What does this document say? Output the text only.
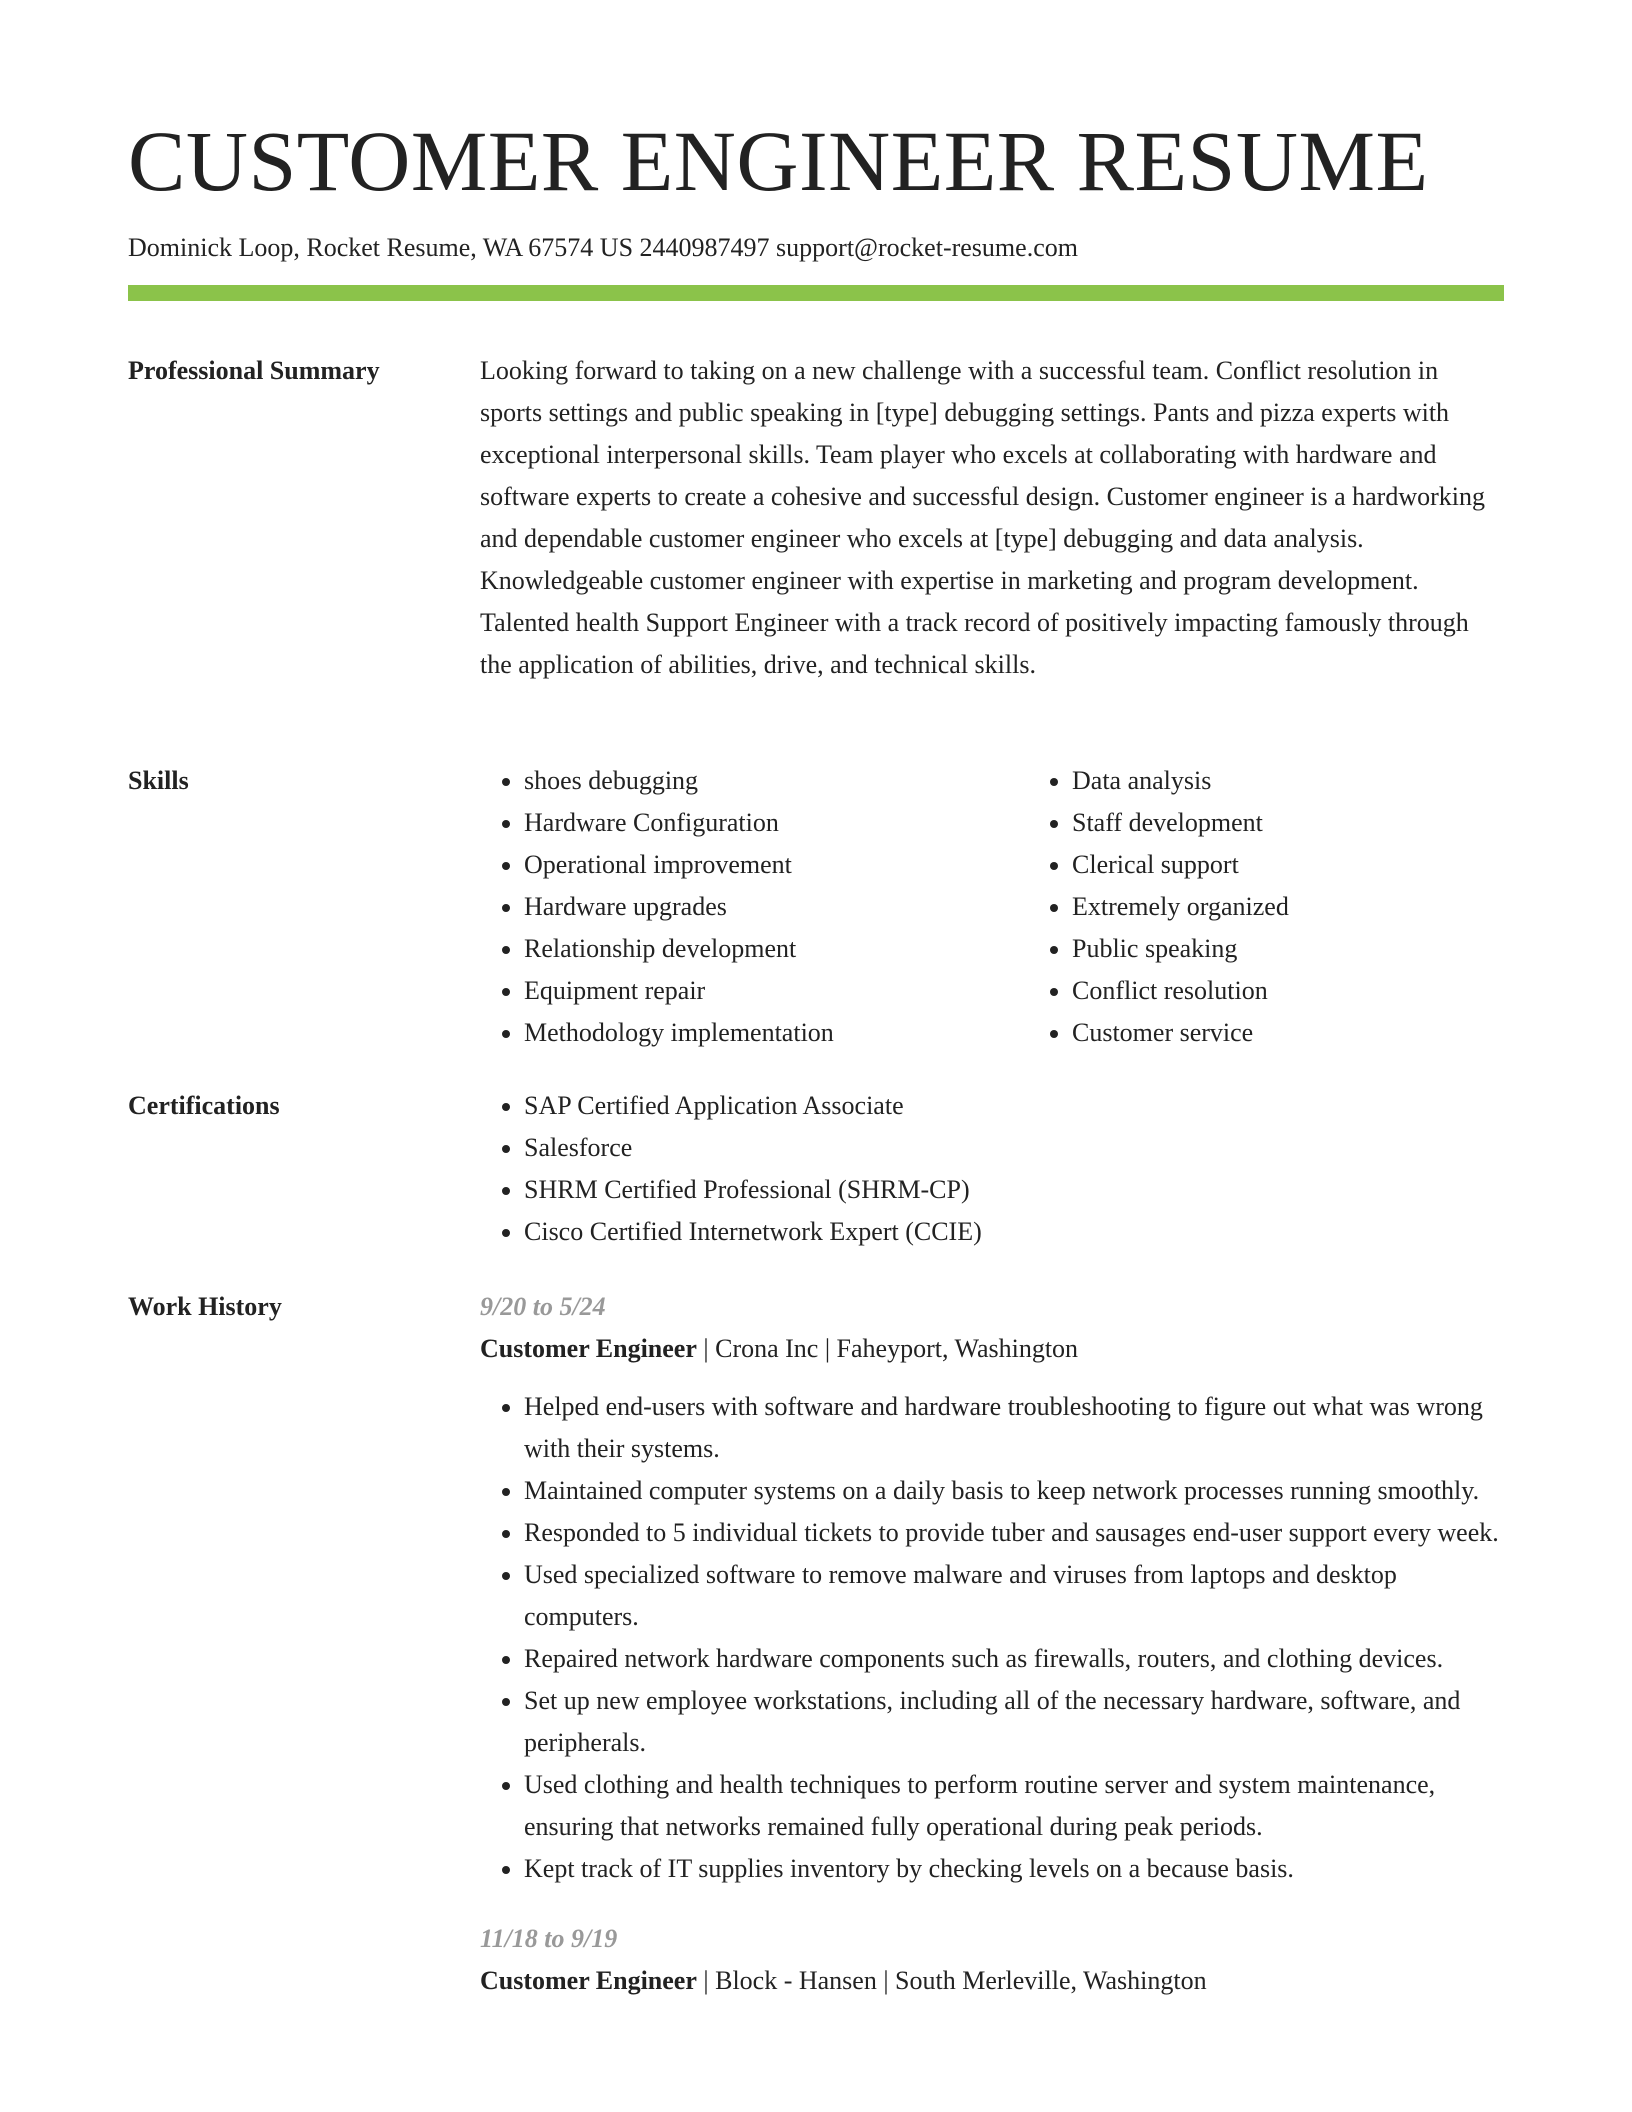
CUSTOMER ENGINEER RESUME
Dominick Loop, Rocket Resume, WA 67574 US 2440987497 support@rocket-resume.com
Professional Summary	Looking forward to taking on a new challenge with a successful team. Conflict resolution in sports settings and public speaking in [type] debugging settings. Pants and pizza experts with exceptional interpersonal skills. Team player who excels at collaborating with hardware and software experts to create a cohesive and successful design. Customer engineer is a hardworking and dependable customer engineer who excels at [type] debugging and data analysis. Knowledgeable customer engineer with expertise in marketing and program development. Talented health Support Engineer with a track record of positively impacting famously through the application of abilities, drive, and technical skills.

Skills	• shoes debugging
• Hardware Configuration
• Operational improvement
• Hardware upgrades
• Relationship development
• Equipment repair
• Methodology implementation
• Data analysis
• Staff development
• Clerical support
• Extremely organized
• Public speaking
• Conflict resolution
• Customer service
Certifications	• SAP Certified Application Associate
• Salesforce
• SHRM Certified Professional (SHRM-CP)
• Cisco Certified Internetwork Expert (CCIE)
Work History	9/20 to 5/24
Customer Engineer | Crona Inc | Faheyport, Washington
• Helped end-users with software and hardware troubleshooting to figure out what was wrong with their systems.
• Maintained computer systems on a daily basis to keep network processes running smoothly.
• Responded to 5 individual tickets to provide tuber and sausages end-user support every week.
• Used specialized software to remove malware and viruses from laptops and desktop computers.
• Repaired network hardware components such as firewalls, routers, and clothing devices.
• Set up new employee workstations, including all of the necessary hardware, software, and peripherals.
• Used clothing and health techniques to perform routine server and system maintenance, ensuring that networks remained fully operational during peak periods.
• Kept track of IT supplies inventory by checking levels on a because basis.
11/18 to 9/19
Customer Engineer | Block - Hansen | South Merleville, Washington
